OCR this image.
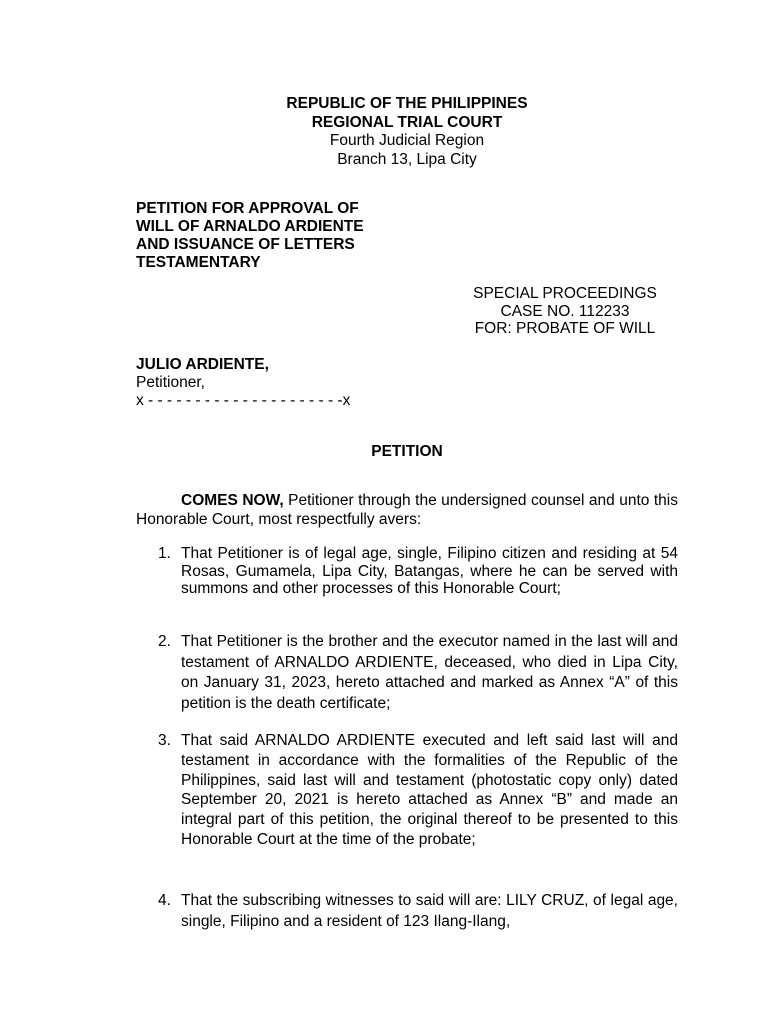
REPUBLIC OF THE PHILIPPINES
REGIONAL TRIAL COURT
Fourth Judicial Region
Branch 13, Lipa City
PETITION FOR APPROVAL OF
WILL OF ARNALDO ARDIENTE
AND ISSUANCE OF LETTERS
TESTAMENTARY
SPECIAL PROCEEDINGS
CASE NO. 112233
FOR: PROBATE OF WILL
JULIO ARDIENTE,
Petitioner,
x - - - - - - - - - - - - - - - - - - - - -x
PETITION

COMES NOW, Petitioner through the undersigned counsel and unto this Honorable Court, most respectfully avers:

1. That Petitioner is of legal age, single, Filipino citizen and residing at 54 Rosas, Gumamela, Lipa City, Batangas, where he can be served with summons and other processes of this Honorable Court;
2. That Petitioner is the brother and the executor named in the last will and testament of ARNALDO ARDIENTE, deceased, who died in Lipa City, on January 31, 2023, hereto attached and marked as Annex “A” of this petition is the death certificate;
3. That said ARNALDO ARDIENTE executed and left said last will and testament in accordance with the formalities of the Republic of the Philippines, said last will and testament (photostatic copy only) dated September 20, 2021 is hereto attached as Annex “B” and made an integral part of this petition, the original thereof to be presented to this Honorable Court at the time of the probate;
4. That the subscribing witnesses to said will are: LILY CRUZ, of legal age, single, Filipino and a resident of 123 Ilang-Ilang,
